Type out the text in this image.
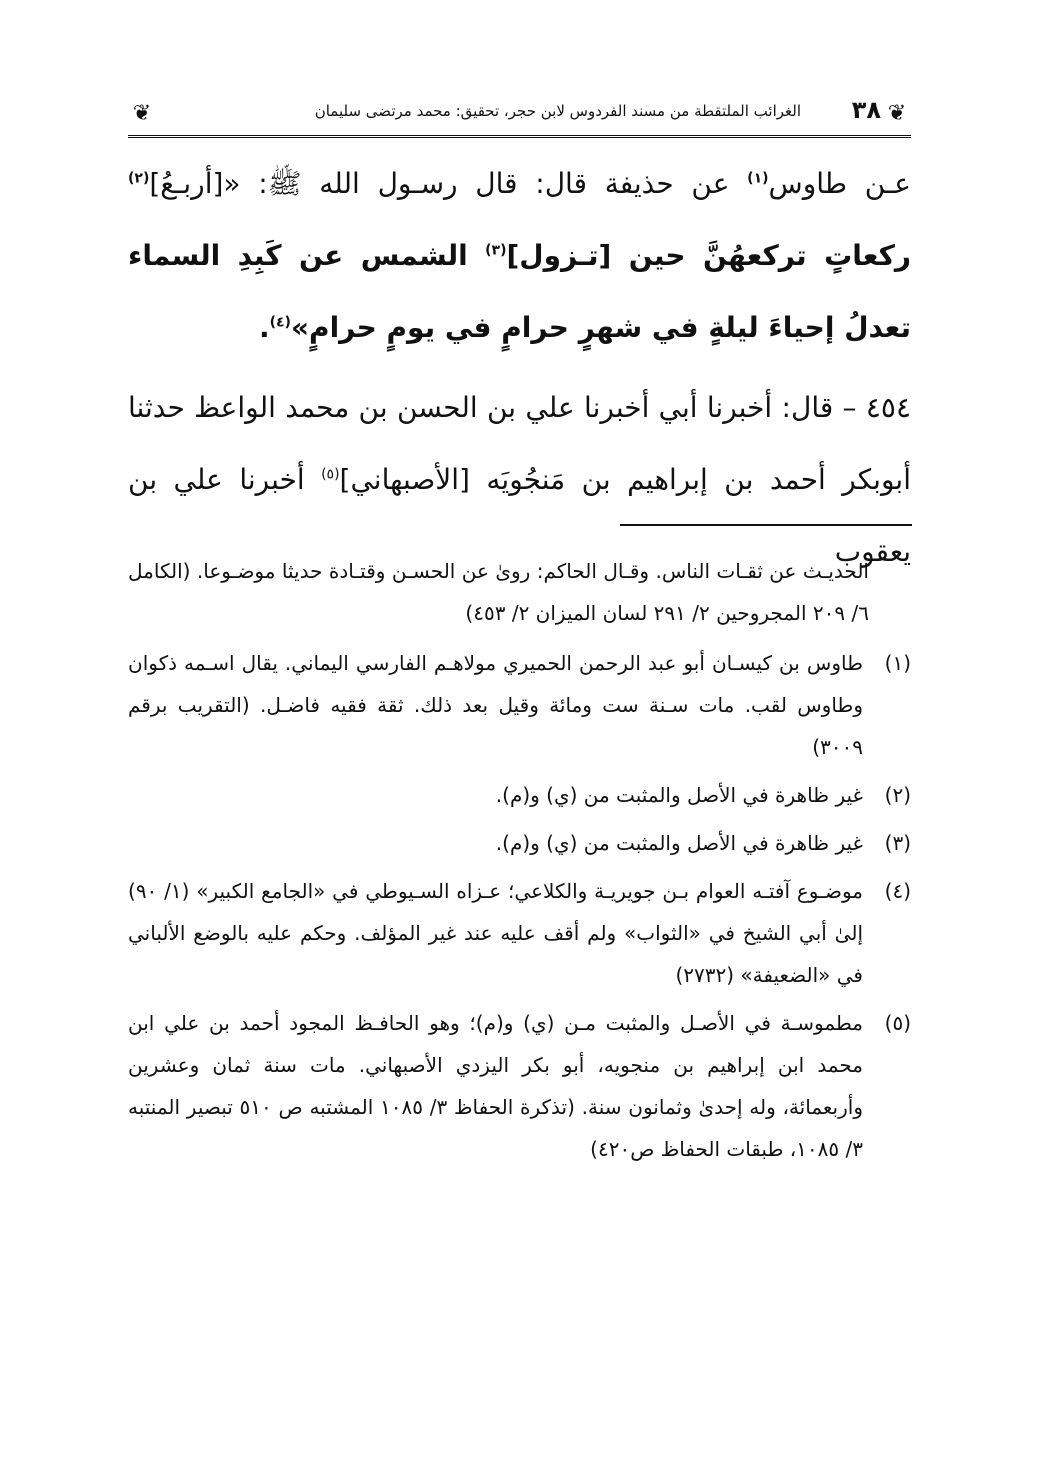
❦
٣٨
الغرائب الملتقطة من مسند الفردوس لابن حجر، تحقيق: محمد مرتضى سليمان
❦

عـن طاوس$^{(١)}$ عن حذيفة قال: قال رسـول الله ﷺ: «[أربـعُ]$^{(٢)}$ ركعاتٍ تركعهُنَّ حين [تـزول]$^{(٣)}$ الشمس عن كَبِدِ السماء تعدلُ إحياءَ ليلةٍ في شهرٍ حرامٍ في يومٍ حرامٍ»$^{(٤)}$.

٤٥٤ – قال: أخبرنا أبي أخبرنا علي بن الحسن بن محمد الواعظ حدثنا أبوبكر أحمد بن إبراهيم بن مَنجُويَه [الأصبهاني]$^{(٥)}$ أخبرنا علي بن يعقوب

الحديـث عن ثقـات الناس. وقـال الحاكم: روىٰ عن الحسـن وقتـادة حديثا موضـوعا. (الكامل ٦/ ٢٠٩ المجروحين ٢/ ٢٩١ لسان الميزان ٢/ ٤٥٣)

(١)

طاوس بن كيسـان أبو عبد الرحمن الحميري مولاهـم الفارسي اليماني. يقال اسـمه ذكوان وطاوس لقب. مات سـنة ست ومائة وقيل بعد ذلك. ثقة فقيه فاضـل. (التقريب برقم ٣٠٠٩)

(٢)

غير ظاهرة في الأصل والمثبت من (ي) و(م).

(٣)

غير ظاهرة في الأصل والمثبت من (ي) و(م).

(٤)

موضـوع آفتـه العوام بـن جويريـة والكلاعي؛ عـزاه السـيوطي في «الجامع الكبير» (١/ ٩٠) إلىٰ أبي الشيخ في «الثواب» ولم أقف عليه عند غير المؤلف. وحكم عليه بالوضع الألباني في «الضعيفة» (٢٧٣٢)

(٥)

مطموسـة في الأصـل والمثبت مـن (ي) و(م)؛ وهو الحافـظ المجود أحمد بن علي ابن محمد ابن إبراهيم بن منجويه، أبو بكر اليزدي الأصبهاني. مات سنة ثمان وعشرين وأربعمائة، وله إحدىٰ وثمانون سنة. (تذكرة الحفاظ ٣/ ١٠٨٥ المشتبه ص ٥١٠ تبصير المنتبه ٣/ ١٠٨٥، طبقات الحفاظ ص٤٢٠)
